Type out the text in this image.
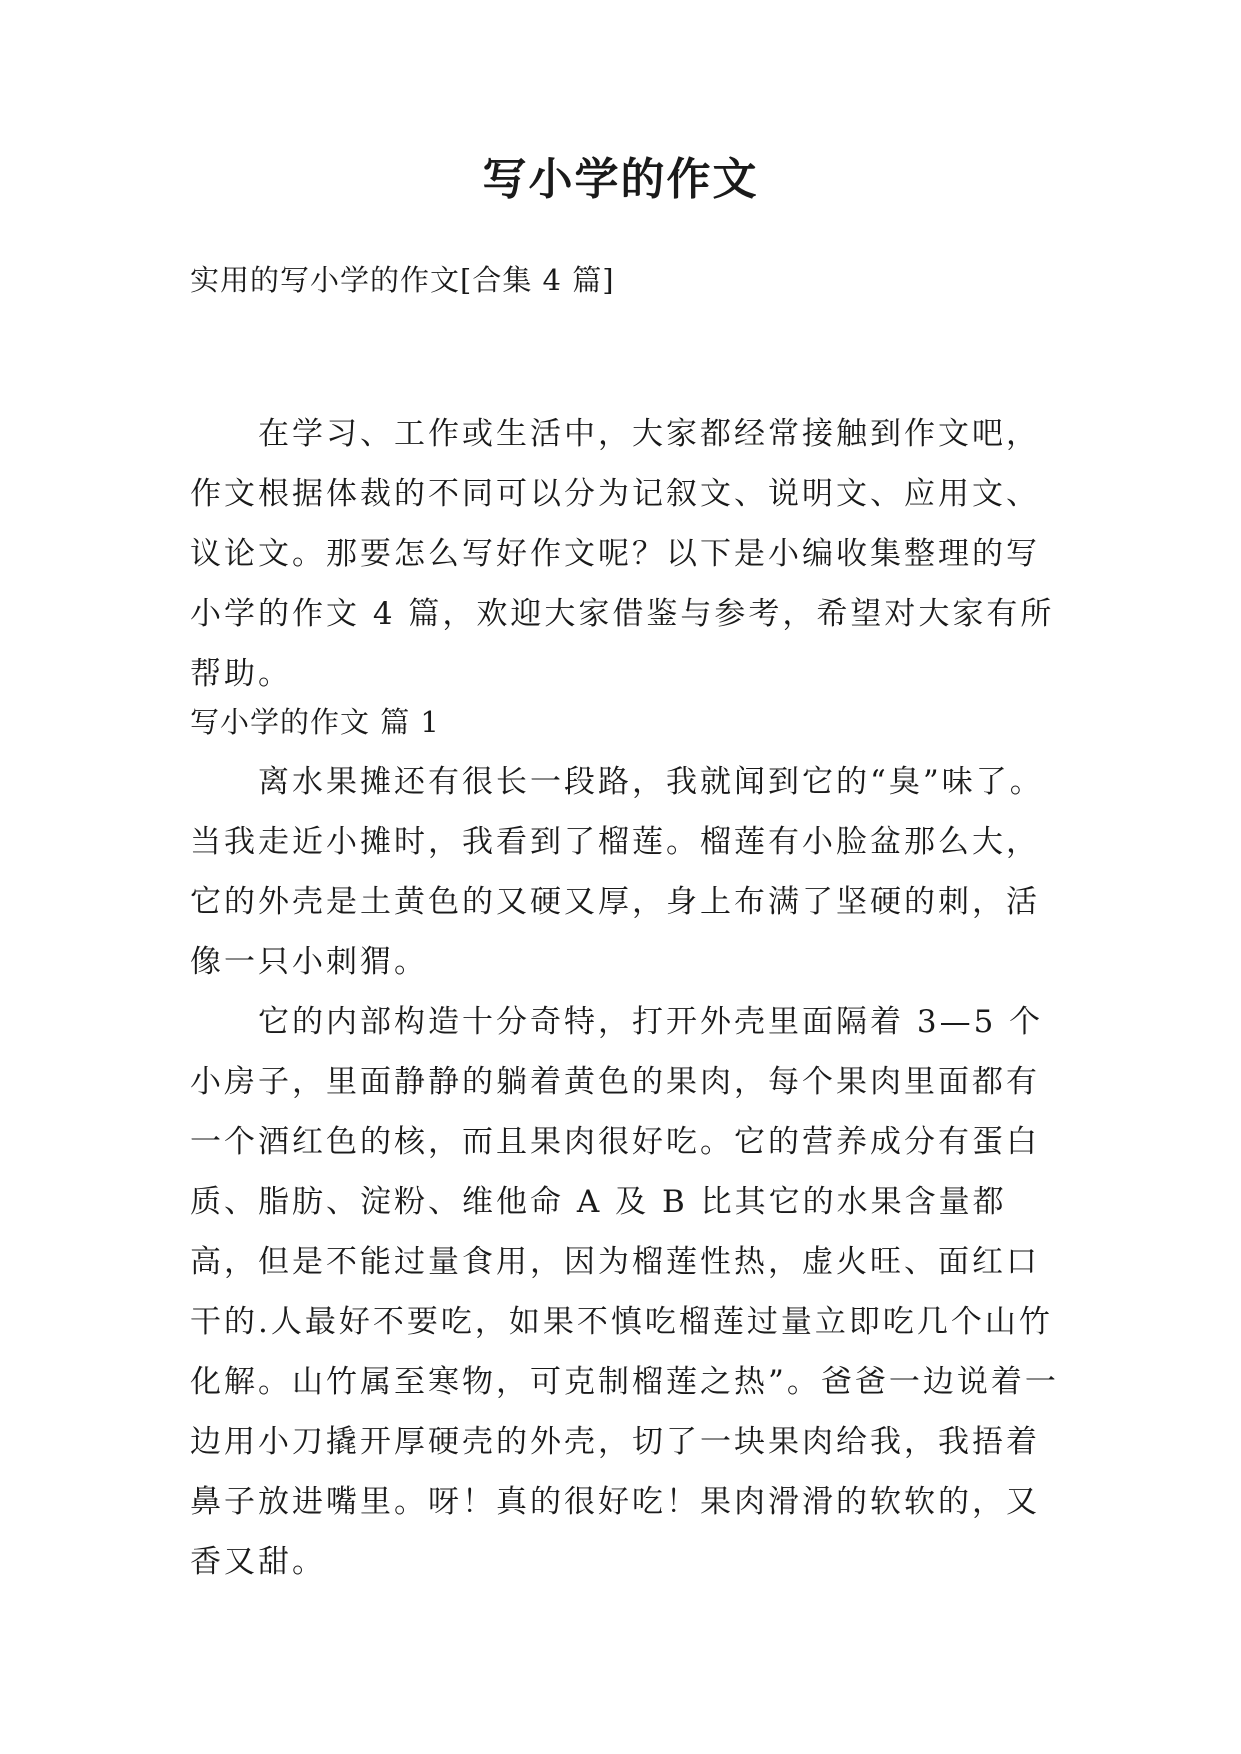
写小学的作文

实用的写小学的作文[合集 4 篇]

在学习、工作或生活中，大家都经常接触到作文吧，作文根据体裁的不同可以分为记叙文、说明文、应用文、议论文。那要怎么写好作文呢？以下是小编收集整理的写小学的作文 4 篇，欢迎大家借鉴与参考，希望对大家有所帮助。

写小学的作文 篇 1

离水果摊还有很长一段路，我就闻到它的“臭”味了。当我走近小摊时，我看到了榴莲。榴莲有小脸盆那么大，它的外壳是土黄色的又硬又厚，身上布满了坚硬的刺，活像一只小刺猬。

它的内部构造十分奇特，打开外壳里面隔着 3—5 个小房子，里面静静的躺着黄色的果肉，每个果肉里面都有一个酒红色的核，而且果肉很好吃。它的营养成分有蛋白质、脂肪、淀粉、维他命 A 及 B 比其它的水果含量都高，但是不能过量食用，因为榴莲性热，虚火旺、面红口干的.人最好不要吃，如果不慎吃榴莲过量立即吃几个山竹化解。山竹属至寒物，可克制榴莲之热”。爸爸一边说着一边用小刀撬开厚硬壳的外壳，切了一块果肉给我，我捂着鼻子放进嘴里。呀！真的很好吃！果肉滑滑的软软的，又香又甜。
